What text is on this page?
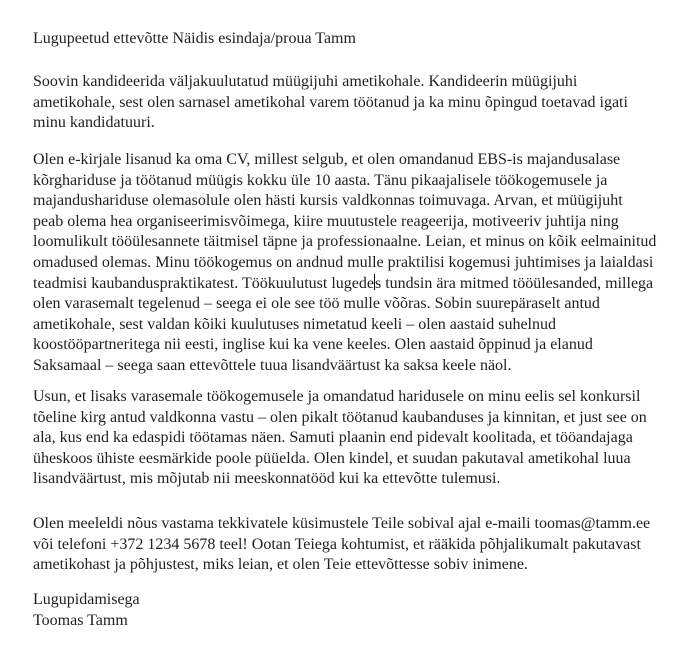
Lugupeetud ettevõtte Näidis esindaja/proua Tamm
Soovin kandideerida väljakuulutatud müügijuhi ametikohale. Kandideerin müügijuhi
ametikohale, sest olen sarnasel ametikohal varem töötanud ja ka minu õpingud toetavad igati
minu kandidatuuri.
Olen e-kirjale lisanud ka oma CV, millest selgub, et olen omandanud EBS-is majandusalase
kõrghariduse ja töötanud müügis kokku üle 10 aasta. Tänu pikaajalisele töökogemusele ja
majandushariduse olemasolule olen hästi kursis valdkonnas toimuvaga. Arvan, et müügijuht
peab olema hea organiseerimisvõimega, kiire muutustele reageerija, motiveeriv juhtija ning
loomulikult tööülesannete täitmisel täpne ja professionaalne. Leian, et minus on kõik eelmainitud
omadused olemas. Minu töökogemus on andnud mulle praktilisi kogemusi juhtimises ja laialdasi
teadmisi kaubanduspraktikatest. Töökuulutust lugedes tundsin ära mitmed tööülesanded, millega
olen varasemalt tegelenud – seega ei ole see töö mulle võõras. Sobin suurepäraselt antud
ametikohale, sest valdan kõiki kuulutuses nimetatud keeli – olen aastaid suhelnud
koostööpartneritega nii eesti, inglise kui ka vene keeles. Olen aastaid õppinud ja elanud
Saksamaal – seega saan ettevõttele tuua lisandväärtust ka saksa keele näol.
Usun, et lisaks varasemale töökogemusele ja omandatud haridusele on minu eelis sel konkursil
tõeline kirg antud valdkonna vastu – olen pikalt töötanud kaubanduses ja kinnitan, et just see on
ala, kus end ka edaspidi töötamas näen. Samuti plaanin end pidevalt koolitada, et tööandajaga
üheskoos ühiste eesmärkide poole püüelda. Olen kindel, et suudan pakutaval ametikohal luua
lisandväärtust, mis mõjutab nii meeskonnatööd kui ka ettevõtte tulemusi.
Olen meeleldi nõus vastama tekkivatele küsimustele Teile sobival ajal e-maili toomas@tamm.ee
või telefoni +372 1234 5678 teel! Ootan Teiega kohtumist, et rääkida põhjalikumalt pakutavast
ametikohast ja põhjustest, miks leian, et olen Teie ettevõttesse sobiv inimene.
Lugupidamisega
Toomas Tamm
